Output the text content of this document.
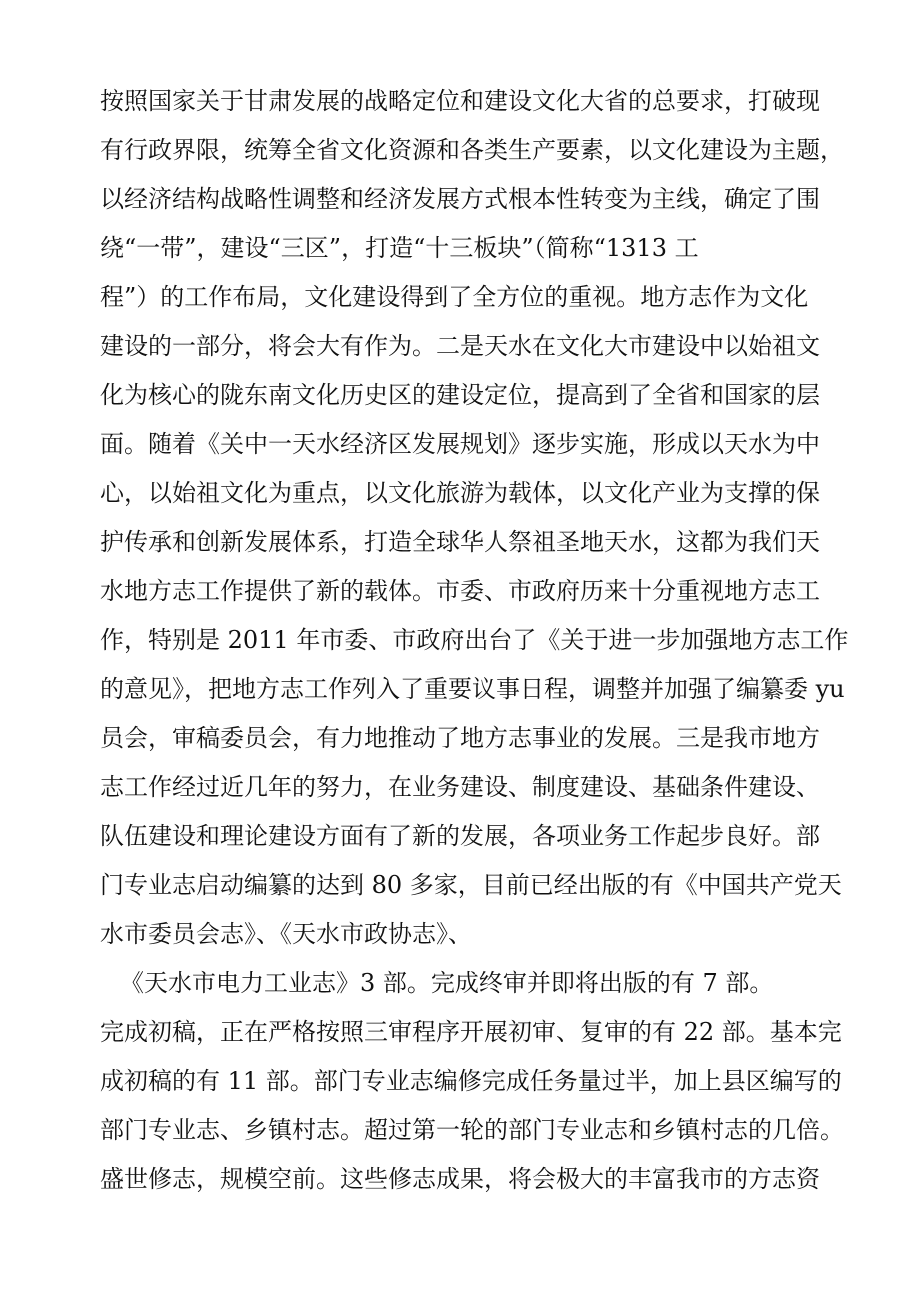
按照国家关于甘肃发展的战略定位和建设文化大省的总要求，打破现

有行政界限，统筹全省文化资源和各类生产要素，以文化建设为主题，

以经济结构战略性调整和经济发展方式根本性转变为主线，确定了围

绕“一带”，建设“三区”，打造“十三板块”（简称“1313 工

程”）的工作布局，文化建设得到了全方位的重视。地方志作为文化

建设的一部分，将会大有作为。二是天水在文化大市建设中以始祖文

化为核心的陇东南文化历史区的建设定位，提高到了全省和国家的层

面。随着《关中一天水经济区发展规划》逐步实施，形成以天水为中

心，以始祖文化为重点，以文化旅游为载体，以文化产业为支撑的保

护传承和创新发展体系，打造全球华人祭祖圣地天水，这都为我们天

水地方志工作提供了新的载体。市委、市政府历来十分重视地方志工

作，特别是 2011 年市委、市政府出台了《关于进一步加强地方志工作

的意见》，把地方志工作列入了重要议事日程，调整并加强了编纂委 yu

员会，审稿委员会，有力地推动了地方志事业的发展。三是我市地方

志工作经过近几年的努力，在业务建设、制度建设、基础条件建设、

队伍建设和理论建设方面有了新的发展，各项业务工作起步良好。部

门专业志启动编纂的达到 80 多家，目前已经出版的有《中国共产党天

水市委员会志》、《天水市政协志》、

《天水市电力工业志》3 部。完成终审并即将出版的有 7 部。

完成初稿，正在严格按照三审程序开展初审、复审的有 22 部。基本完

成初稿的有 11 部。部门专业志编修完成任务量过半，加上县区编写的

部门专业志、乡镇村志。超过第一轮的部门专业志和乡镇村志的几倍。

盛世修志，规模空前。这些修志成果，将会极大的丰富我市的方志资
